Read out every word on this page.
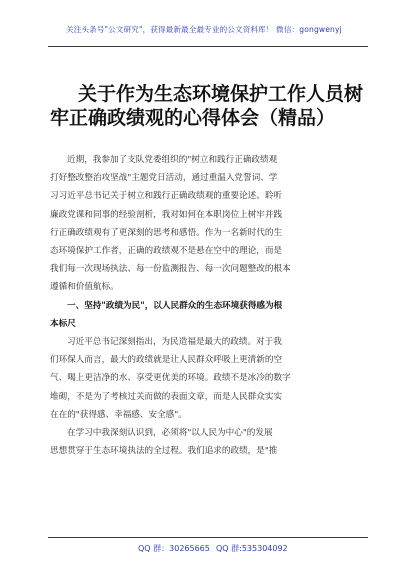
关注头条号"公文研究"，获得最新最全最专业的公文资料库！ 微信：gongwenyj
关于作为生态环境保护工作人员树
牢正确政绩观的心得体会（精品）
近期，我参加了支队党委组织的"树立和践行正确政绩观
打好整改整治攻坚战"主题党日活动，通过重温入党誓词、学
习习近平总书记关于树立和践行正确政绩观的重要论述、聆听
廉政党课和同事的经验剖析，我对如何在本职岗位上树牢并践
行正确政绩观有了更深刻的思考和感悟。作为一名新时代的生
态环境保护工作者，正确的政绩观不是悬在空中的理论，而是
我们每一次现场执法、每一份监测报告、每一次问题整改的根本
遵循和价值航标。
一、坚持"政绩为民"，以人民群众的生态环境获得感为根
本标尺
习近平总书记深刻指出，为民造福是最大的政绩。对于我
们环保人而言，最大的政绩就是让人民群众呼吸上更清新的空
气、喝上更洁净的水、享受更优美的环境。政绩不是冰冷的数字
堆砌，不是为了考核过关而做的表面文章，而是人民群众实实
在在的"获得感、幸福感、安全感"。
在学习中我深刻认识到，必须将"以人民为中心"的发展
思想贯穿于生态环境执法的全过程。我们追求的政绩，是"推
QQ 群：30265665 QQ 群:535304092
